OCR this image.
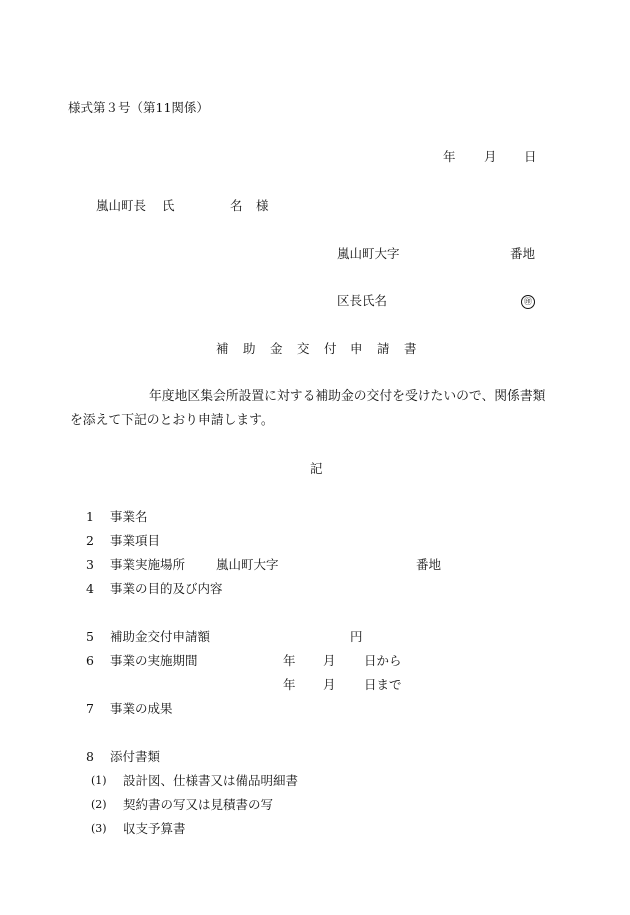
様式第３号（第11関係）
年 月 日
嵐山町長 氏	名 様
嵐山町大字	番地
区長氏名	㊞
補 助 金 交 付 申 請 書
年度地区集会所設置に対する補助金の交付を受けたいので、関係書類
を添えて下記のとおり申請します。
記
1 事業名
2 事業項目
3 事業実施場所 嵐山町大字	番地
4 事業の目的及び内容
5 補助金交付申請額	円
6 事業の実施期間	年 月 日から
年 月 日まで
7 事業の成果
8 添付書類
(1) 設計図、仕様書又は備品明細書
(2) 契約書の写又は見積書の写
(3) 収支予算書
